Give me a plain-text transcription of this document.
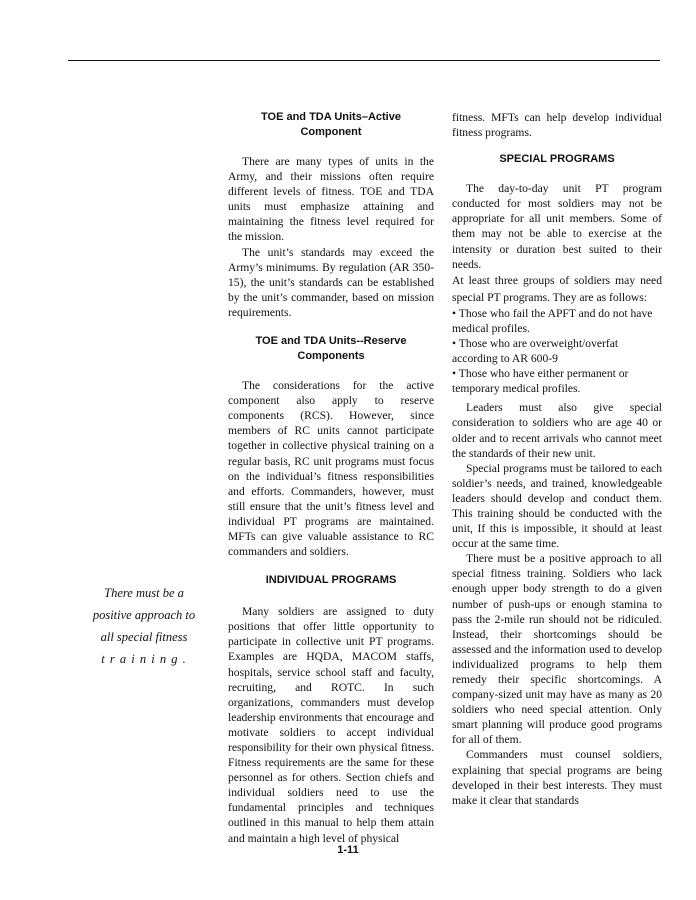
There must be a
positive approach to
all special fitness
t r a i n i n g .
TOE and TDA Units–Active Component

There are many types of units in the Army, and their missions often require different levels of fitness. TOE and TDA units must emphasize attaining and maintaining the fitness level required for the mission.

The unit’s standards may exceed the Army’s minimums. By regulation (AR 350- 15), the unit’s standards can be established by the unit’s commander, based on mission requirements.

TOE and TDA Units--Reserve Components

The considerations for the active component also apply to reserve components (RCS). However, since members of RC units cannot participate together in collective physical training on a regular basis, RC unit programs must focus on the individual’s fitness responsibilities and efforts. Commanders, however, must still ensure that the unit’s fitness level and individual PT programs are maintained. MFTs can give valuable assistance to RC commanders and soldiers.

INDIVIDUAL PROGRAMS

Many soldiers are assigned to duty positions that offer little opportunity to participate in collective unit PT programs. Examples are HQDA, MACOM staffs, hospitals, service school staff and faculty, recruiting, and ROTC. In such organizations, commanders must develop leadership environments that encourage and motivate soldiers to accept individual responsibility for their own physical fitness. Fitness requirements are the same for these personnel as for others. Section chiefs and individual soldiers need to use the fundamental principles and techniques outlined in this manual to help them attain and maintain a high level of physical

fitness. MFTs can help develop individual fitness programs.

SPECIAL PROGRAMS

The day-to-day unit PT program conducted for most soldiers may not be appropriate for all unit members. Some of them may not be able to exercise at the intensity or duration best suited to their needs.

At least three groups of soldiers may need special PT programs. They are as follows:

• Those who fail the APFT and do not have medical profiles.

• Those who are overweight/overfat according to AR 600-9

• Those who have either permanent or temporary medical profiles.

Leaders must also give special consideration to soldiers who are age 40 or older and to recent arrivals who cannot meet the standards of their new unit.

Special programs must be tailored to each soldier’s needs, and trained, knowledgeable leaders should develop and conduct them. This training should be conducted with the unit, If this is impossible, it should at least occur at the same time.

There must be a positive approach to all special fitness training. Soldiers who lack enough upper body strength to do a given number of push-ups or enough stamina to pass the 2-mile run should not be ridiculed. Instead, their shortcomings should be assessed and the information used to develop individualized programs to help them remedy their specific shortcomings. A company-sized unit may have as many as 20 soldiers who need special attention. Only smart planning will produce good programs for all of them.

Commanders must counsel soldiers, explaining that special programs are being developed in their best interests. They must make it clear that standards

1-11
